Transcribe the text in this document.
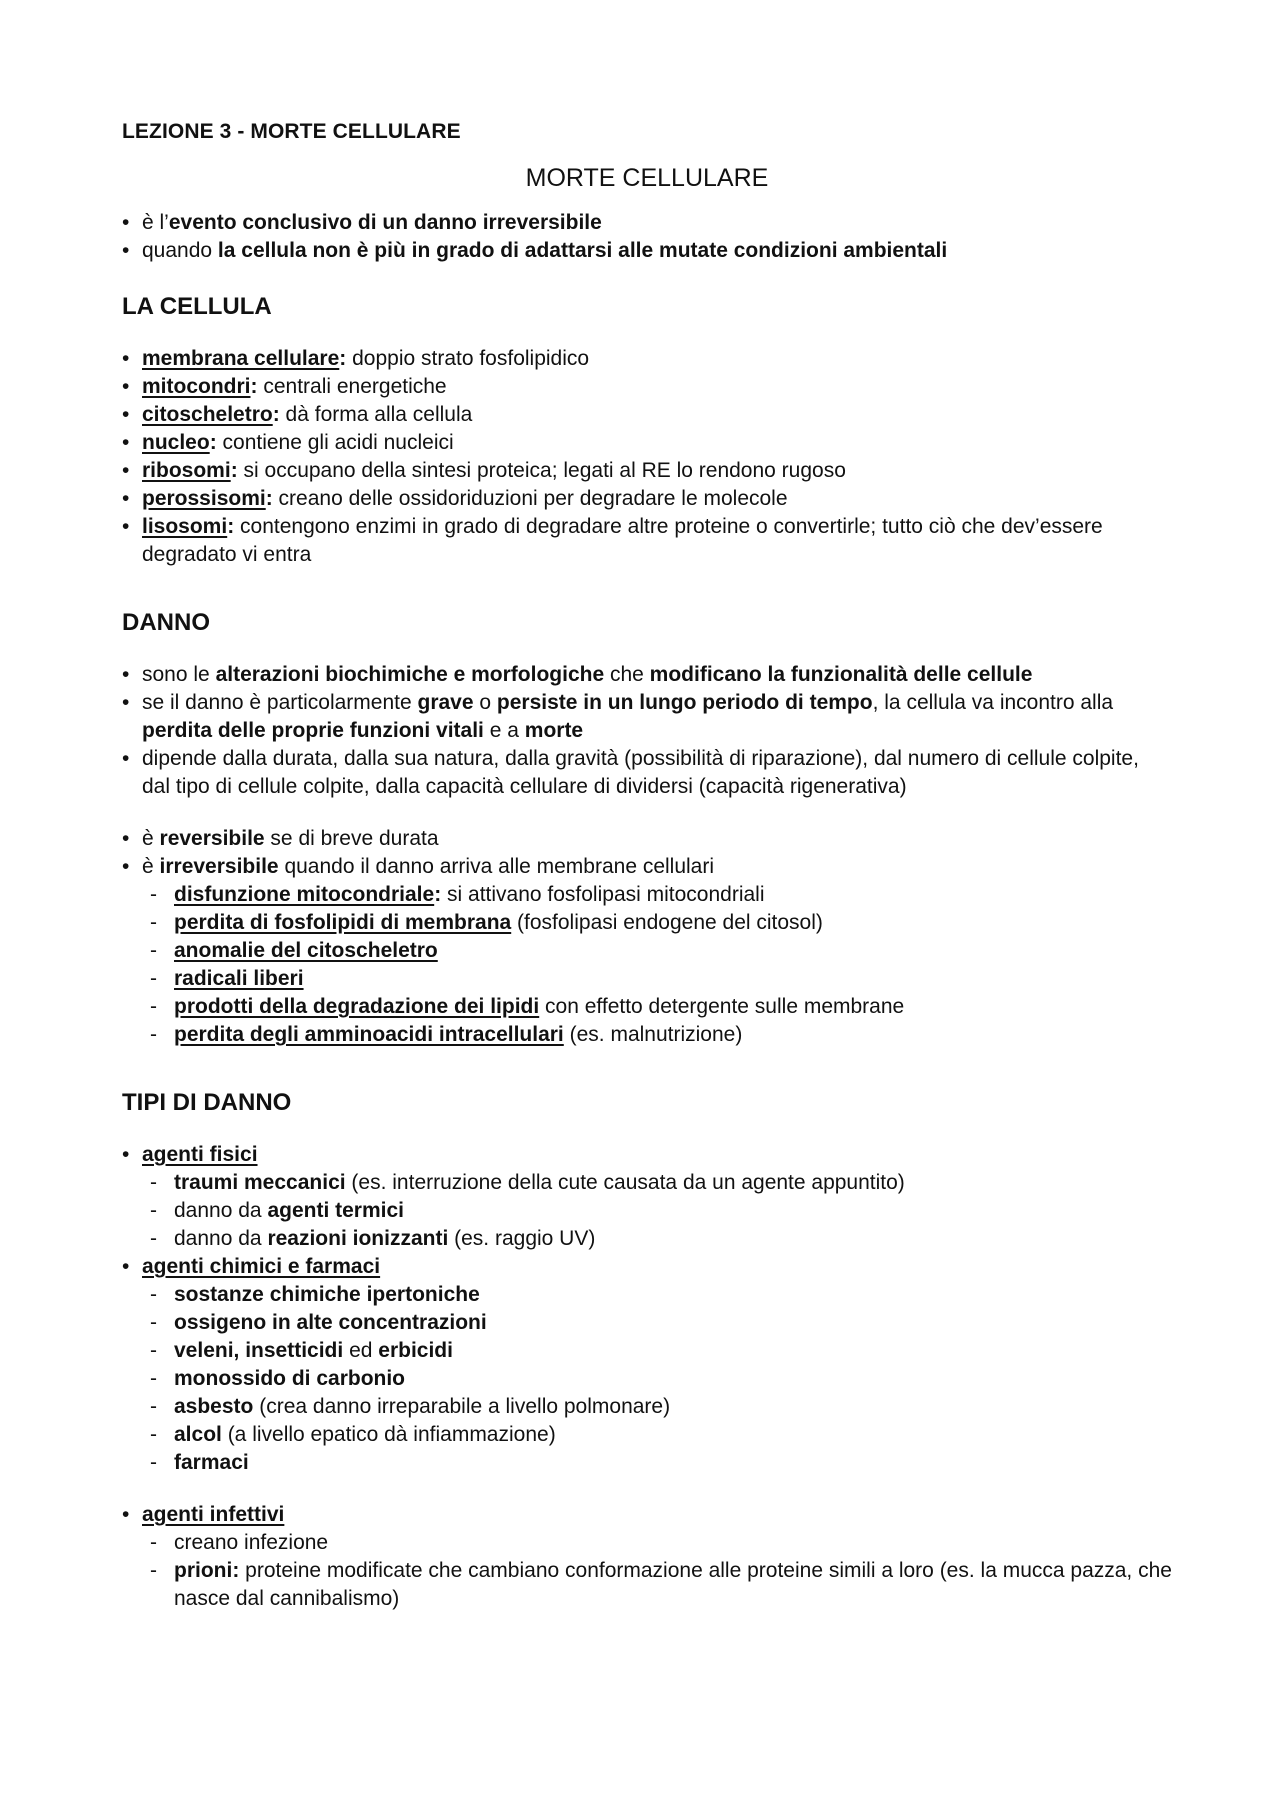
LEZIONE 3 - MORTE CELLULARE
MORTE CELLULARE
• è l’evento conclusivo di un danno irreversibile
• quando la cellula non è più in grado di adattarsi alle mutate condizioni ambientali
LA CELLULA
• membrana cellulare: doppio strato fosfolipidico
• mitocondri: centrali energetiche
• citoscheletro: dà forma alla cellula
• nucleo: contiene gli acidi nucleici
• ribosomi: si occupano della sintesi proteica; legati al RE lo rendono rugoso
• perossisomi: creano delle ossidoriduzioni per degradare le molecole
• lisosomi: contengono enzimi in grado di degradare altre proteine o convertirle; tutto ciò che dev’essere degradato vi entra
DANNO
• sono le alterazioni biochimiche e morfologiche che modificano la funzionalità delle cellule
• se il danno è particolarmente grave o persiste in un lungo periodo di tempo, la cellula va incontro alla perdita delle proprie funzioni vitali e a morte
• dipende dalla durata, dalla sua natura, dalla gravità (possibilità di riparazione), dal numero di cellule colpite, dal tipo di cellule colpite, dalla capacità cellulare di dividersi (capacità rigenerativa)
• è reversibile se di breve durata
• è irreversibile quando il danno arriva alle membrane cellulari
- disfunzione mitocondriale: si attivano fosfolipasi mitocondriali
- perdita di fosfolipidi di membrana (fosfolipasi endogene del citosol)
- anomalie del citoscheletro
- radicali liberi
- prodotti della degradazione dei lipidi con effetto detergente sulle membrane
- perdita degli amminoacidi intracellulari (es. malnutrizione)
TIPI DI DANNO
• agenti fisici
- traumi meccanici (es. interruzione della cute causata da un agente appuntito)
- danno da agenti termici
- danno da reazioni ionizzanti (es. raggio UV)
• agenti chimici e farmaci
- sostanze chimiche ipertoniche
- ossigeno in alte concentrazioni
- veleni, insetticidi ed erbicidi
- monossido di carbonio
- asbesto (crea danno irreparabile a livello polmonare)
- alcol (a livello epatico dà infiammazione)
- farmaci
• agenti infettivi
- creano infezione
- prioni: proteine modificate che cambiano conformazione alle proteine simili a loro (es. la mucca pazza, che nasce dal cannibalismo)
